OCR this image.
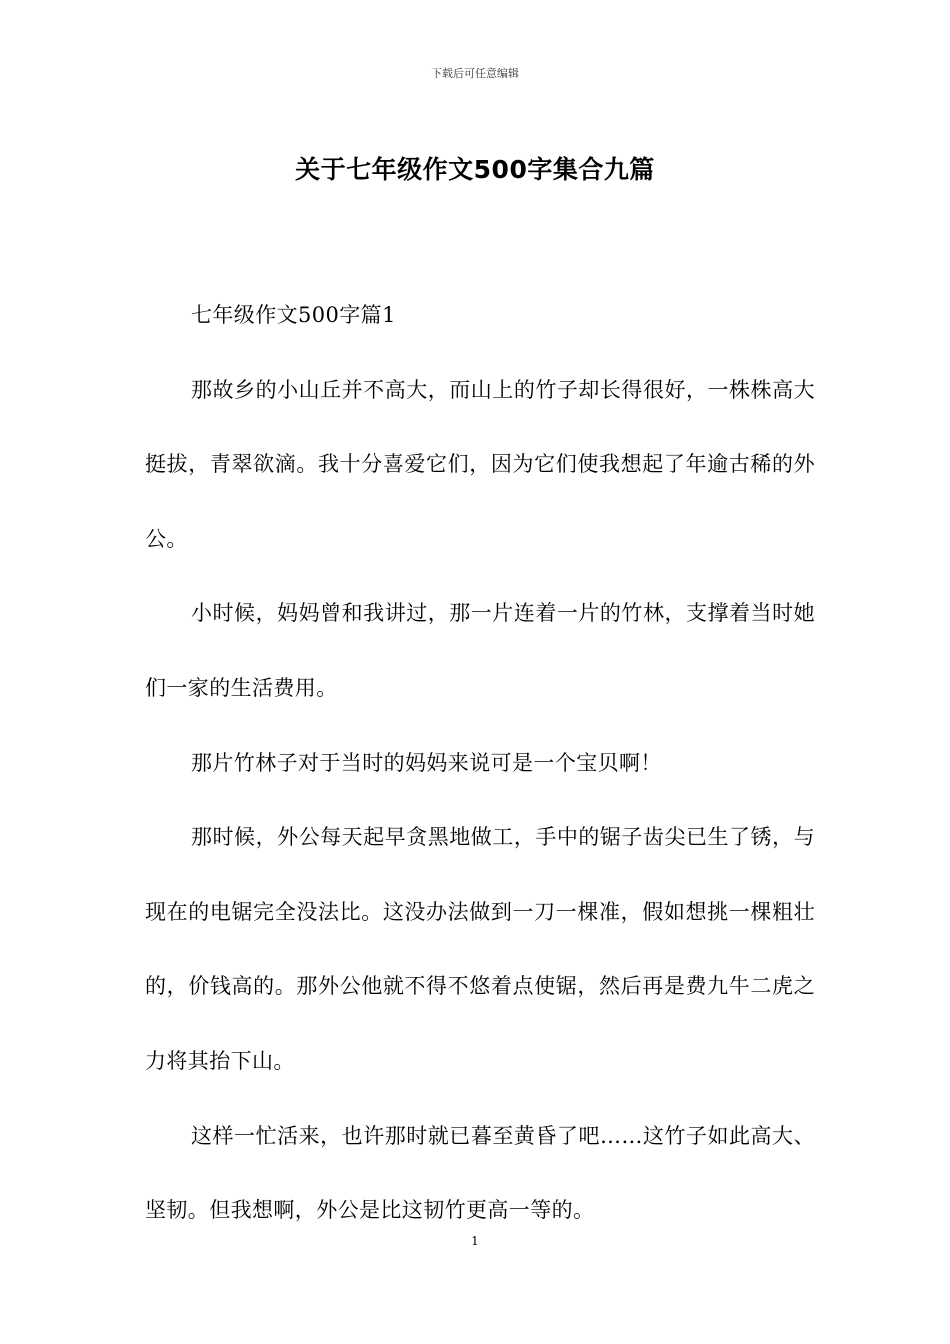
下载后可任意编辑
关于七年级作文500字集合九篇

七年级作文500字篇1

那故乡的小山丘并不高大，而山上的竹子却长得很好，一株株高大挺拔，青翠欲滴。我十分喜爱它们，因为它们使我想起了年逾古稀的外公。

小时候，妈妈曾和我讲过，那一片连着一片的竹林，支撑着当时她们一家的生活费用。

那片竹林子对于当时的妈妈来说可是一个宝贝啊！

那时候，外公每天起早贪黑地做工，手中的锯子齿尖已生了锈，与现在的电锯完全没法比。这没办法做到一刀一棵准，假如想挑一棵粗壮的，价钱高的。那外公他就不得不悠着点使锯，然后再是费九牛二虎之力将其抬下山。

这样一忙活来，也许那时就已暮至黄昏了吧……这竹子如此高大、坚韧。但我想啊，外公是比这韧竹更高一等的。

1
